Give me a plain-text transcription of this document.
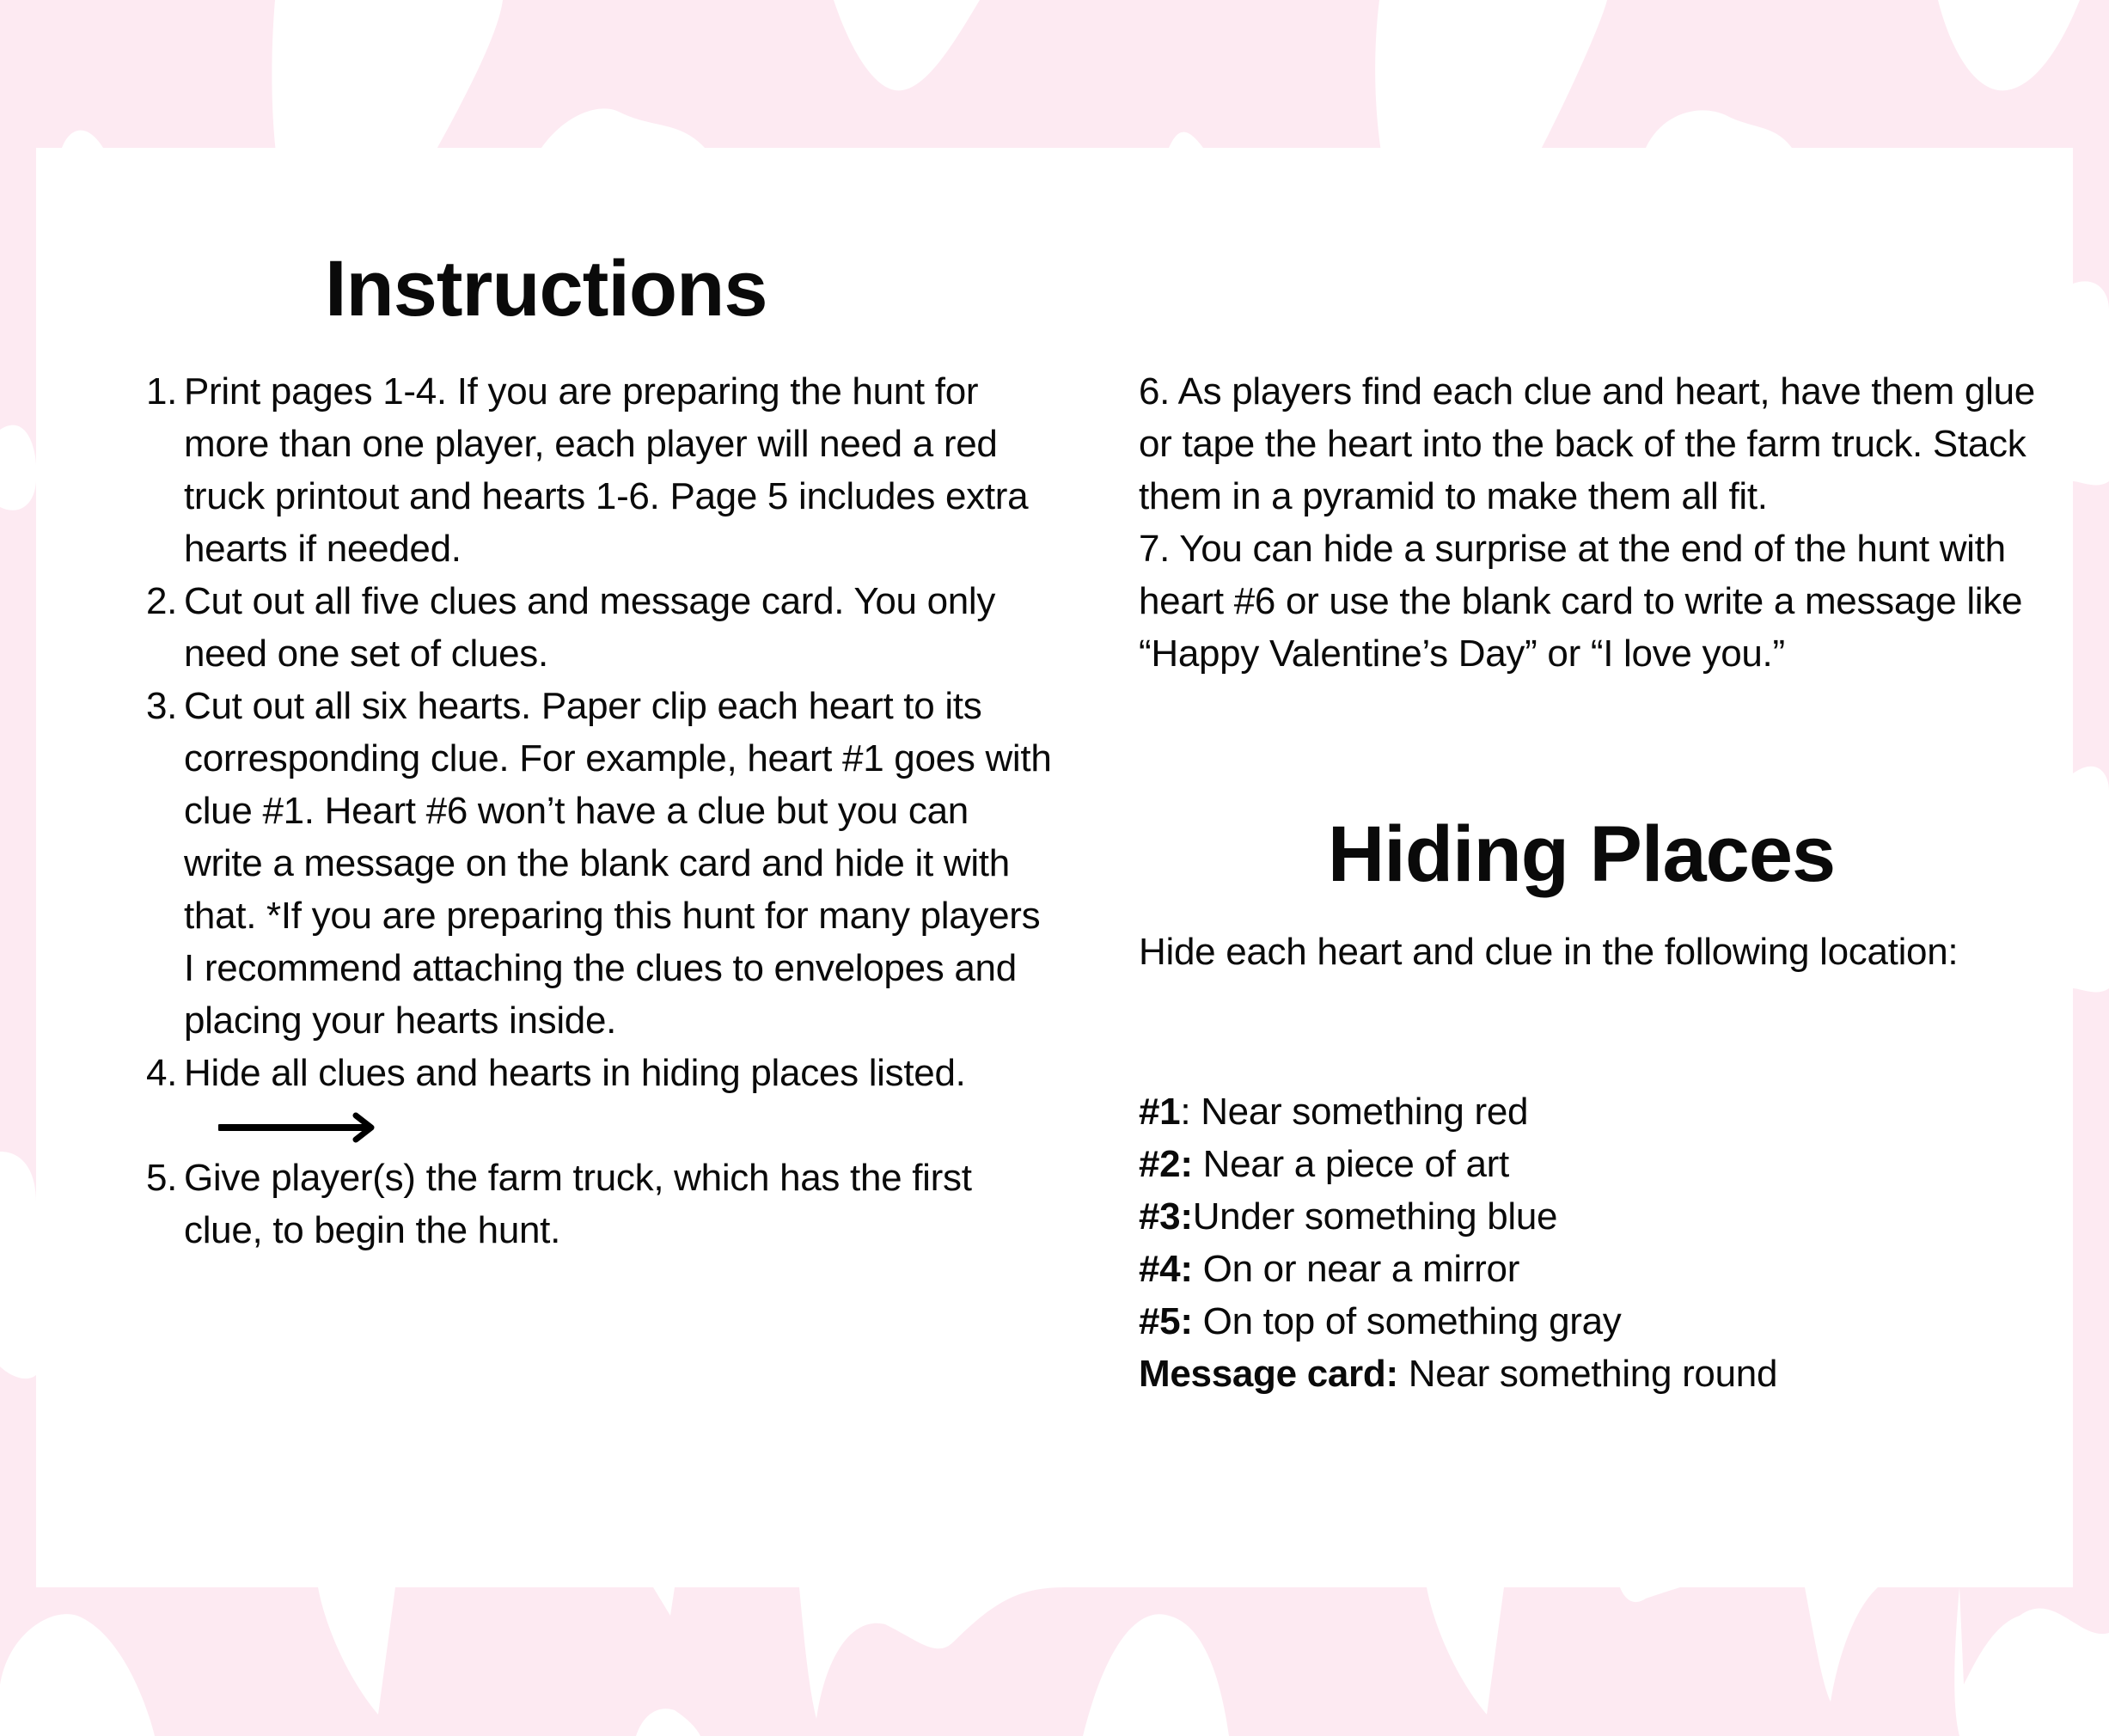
Instructions
1. Print pages 1-4. If you are preparing the hunt for more than one player, each player will need a red truck printout and hearts 1-6. Page 5 includes extra hearts if needed.
2. Cut out all five clues and message card. You only need one set of clues.
3. Cut out all six hearts. Paper clip each heart to its corresponding clue. For example, heart #1 goes with clue #1. Heart #6 won’t have a clue but you can write a message on the blank card and hide it with that. *If you are preparing this hunt for many players I recommend attaching the clues to envelopes and placing your hearts inside.
4. Hide all clues and hearts in hiding places listed.
5. Give player(s) the farm truck, which has the first clue, to begin the hunt.

6. As players find each clue and heart, have them glue or tape the heart into the back of the farm truck. Stack them in a pyramid to make them all fit.

7. You can hide a surprise at the end of the hunt with heart #6 or use the blank card to write a message like “Happy Valentine’s Day” or “I love you.”

Hiding Places

Hide each heart and clue in the following location:

#1: Near something red
#2: Near a piece of art
#3:Under something blue
#4: On or near a mirror
#5: On top of something gray
Message card: Near something round
